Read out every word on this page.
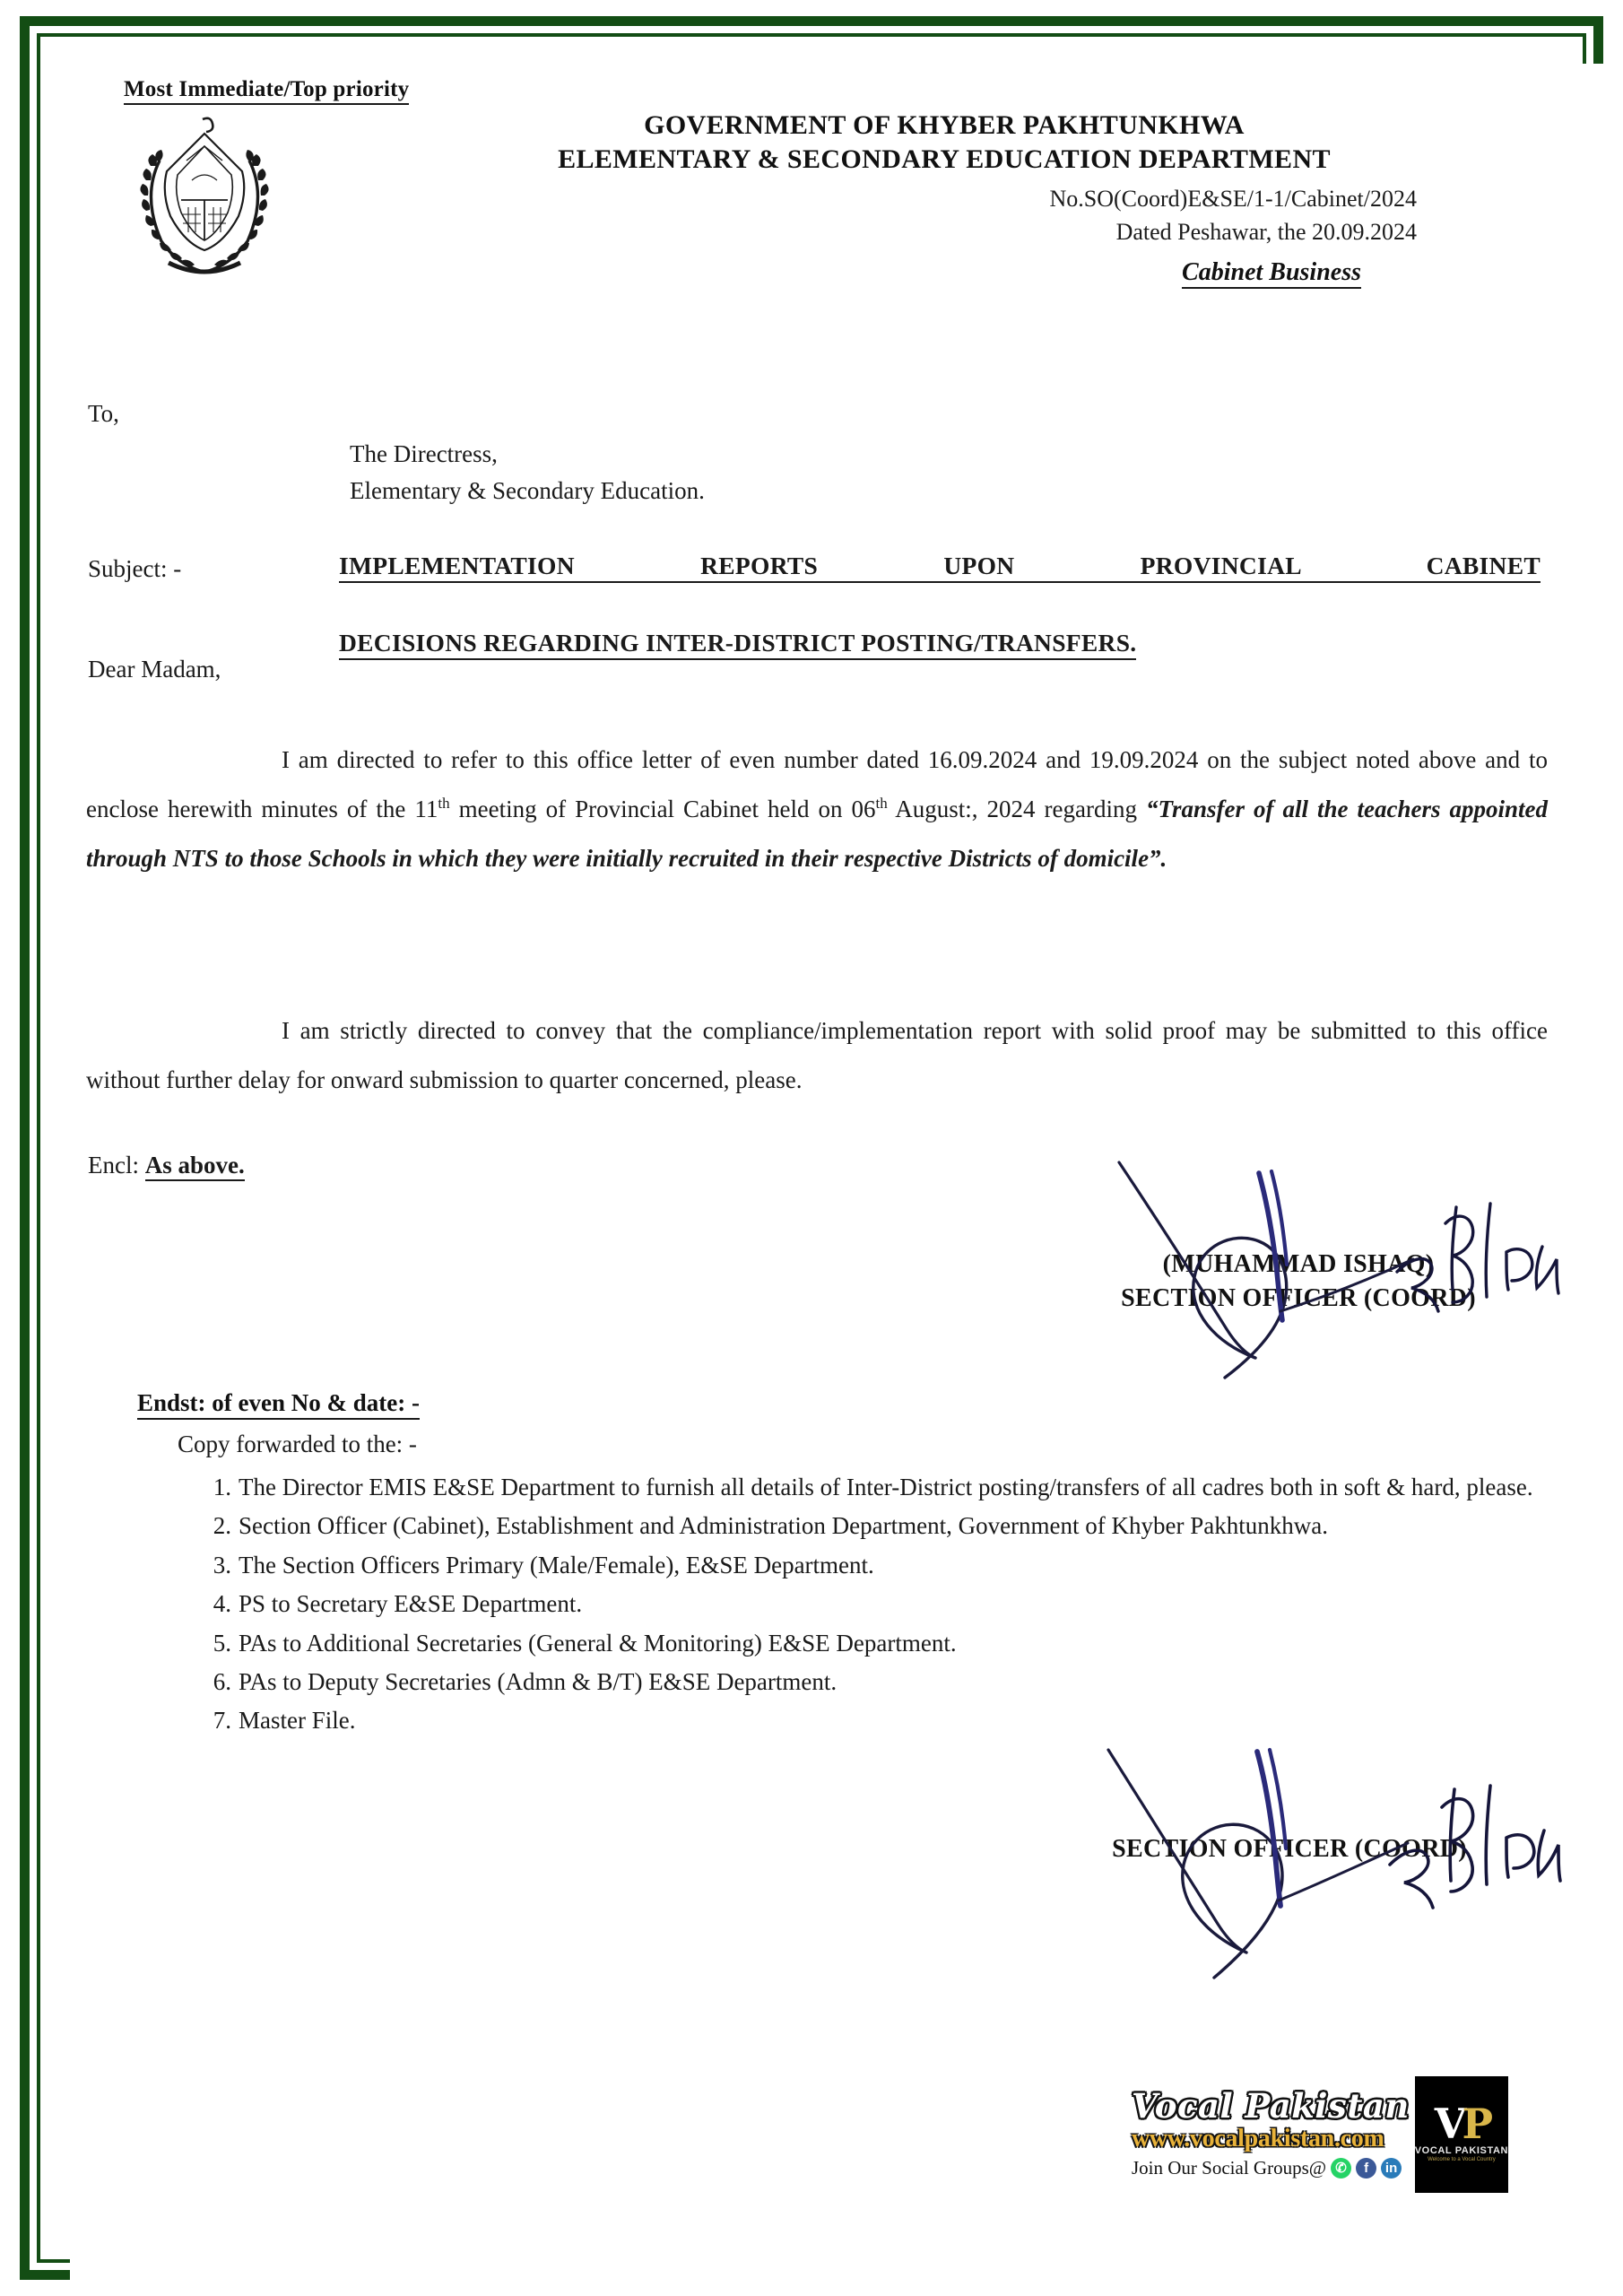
Most Immediate/Top priority
GOVERNMENT OF KHYBER PAKHTUNKHWA
ELEMENTARY & SECONDARY EDUCATION DEPARTMENT
No.SO(Coord)E&SE/1-1/Cabinet/2024
Dated Peshawar, the 20.09.2024
Cabinet Business
To,
The Directress,
Elementary & Secondary Education.
Subject: -	IMPLEMENTATION REPORTS UPON PROVINCIAL CABINET
DECISIONS REGARDING INTER-DISTRICT POSTING/TRANSFERS.
Dear Madam,

I am directed to refer to this office letter of even number dated 16.09.2024 and 19.09.2024 on the subject noted above and to enclose herewith minutes of the 11th meeting of Provincial Cabinet held on 06th August:, 2024 regarding “Transfer of all the teachers appointed through NTS to those Schools in which they were initially recruited in their respective Districts of domicile”.

I am strictly directed to convey that the compliance/implementation report with solid proof may be submitted to this office without further delay for onward submission to quarter concerned, please.

Encl: As above.
(MUHAMMAD ISHAQ)
SECTION OFFICER (COORD)
Endst: of even No & date: -
Copy forwarded to the: -
1. The Director EMIS E&SE Department to furnish all details of Inter-District posting/transfers of all cadres both in soft & hard, please.
2. Section Officer (Cabinet), Establishment and Administration Department, Government of Khyber Pakhtunkhwa.
3. The Section Officers Primary (Male/Female), E&SE Department.
4. PS to Secretary E&SE Department.
5. PAs to Additional Secretaries (General & Monitoring) E&SE Department.
6. PAs to Deputy Secretaries (Admn & B/T) E&SE Department.
7. Master File.
SECTION OFFICER (COORD)
Vocal Pakistan
www.vocalpakistan.com
Join Our Social Groups@ ✆	f	in
VP
VOCAL PAKISTAN
Welcome to a Vocal Country
